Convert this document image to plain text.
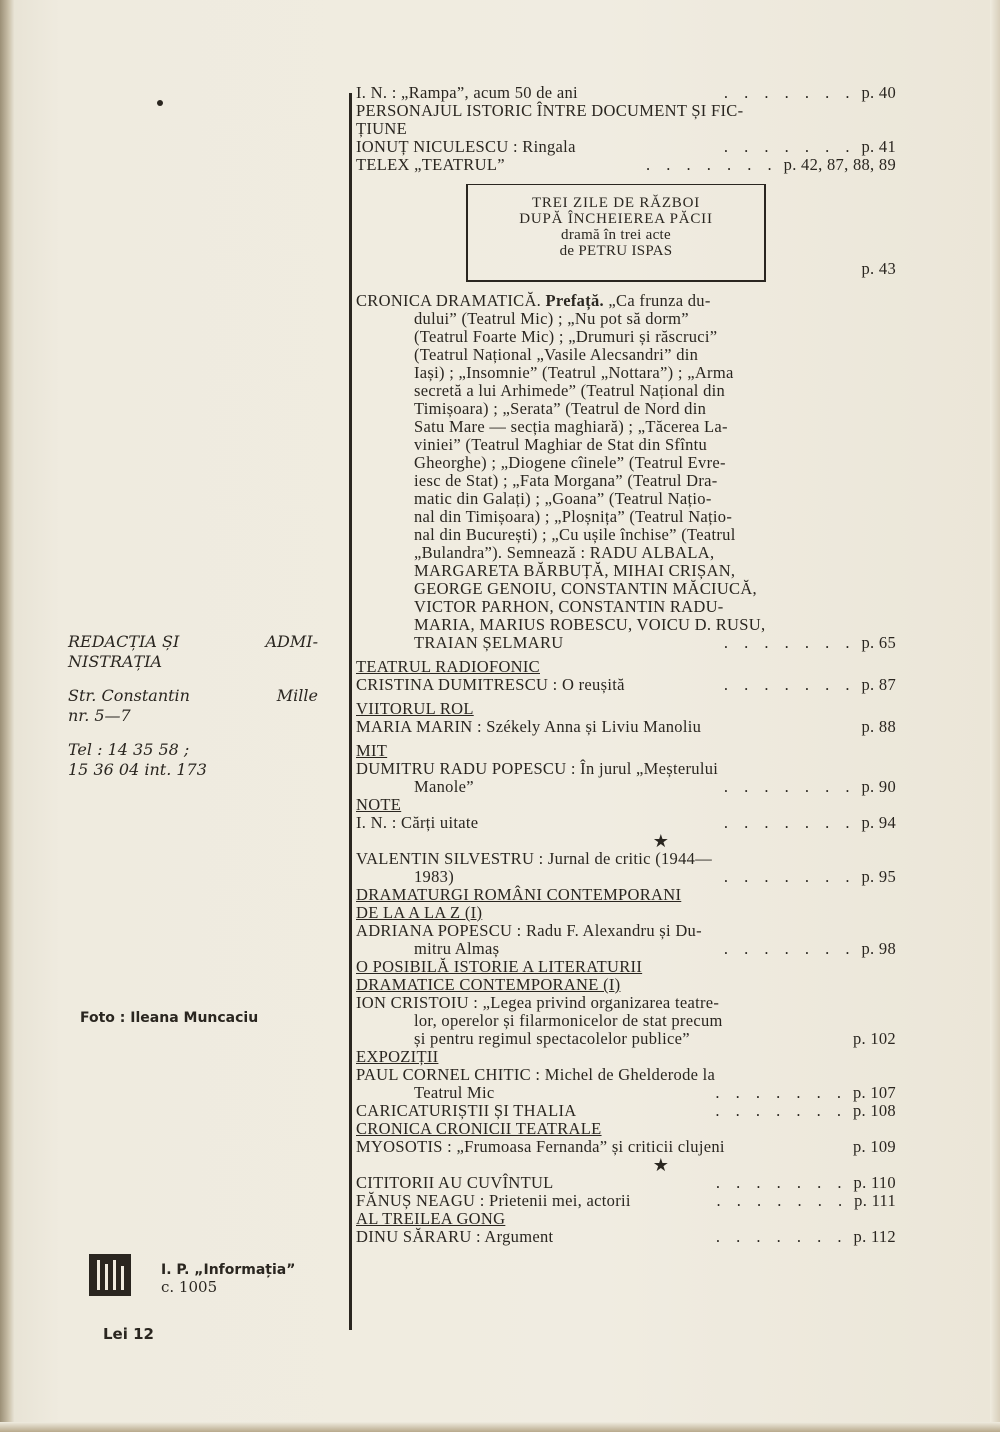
REDACȚIA ȘI	ADMI-
NISTRAȚIA
Str. Constantin	Mille
nr. 5—7
Tel : 14 35 58 ;
15 36 04 int. 173
Foto : Ileana Muncaciu
I. P. „Informația”
c. 1005
Lei 12
I. N. : „Rampa”, acum 50 de ani	. . . . . . . p. 40
PERSONAJUL ISTORIC ÎNTRE DOCUMENT ȘI FIC-
ȚIUNE
IONUȚ NICULESCU : Ringala	. . . . . . . p. 41
TELEX „TEATRUL”	. . . . . . . p. 42, 87, 88, 89
TREI ZILE DE RĂZBOI
DUPĂ ÎNCHEIEREA PĂCII
dramă în trei acte
de PETRU ISPAS
p. 43
CRONICA DRAMATICĂ. Prefață. „Ca frunza du-
dului” (Teatrul Mic) ; „Nu pot să dorm”
(Teatrul Foarte Mic) ; „Drumuri și răscruci”
(Teatrul Național „Vasile Alecsandri” din
Iași) ; „Insomnie” (Teatrul „Nottara”) ; „Arma
secretă a lui Arhimede” (Teatrul Național din
Timișoara) ; „Serata” (Teatrul de Nord din
Satu Mare — secția maghiară) ; „Tăcerea La-
viniei” (Teatrul Maghiar de Stat din Sfîntu
Gheorghe) ; „Diogene cîinele” (Teatrul Evre-
iesc de Stat) ; „Fata Morgana” (Teatrul Dra-
matic din Galați) ; „Goana” (Teatrul Națio-
nal din Timișoara) ; „Ploșnița” (Teatrul Națio-
nal din București) ; „Cu ușile închise” (Teatrul
„Bulandra”). Semnează : RADU ALBALA,
MARGARETA BĂRBUȚĂ, MIHAI CRIȘAN,
GEORGE GENOIU, CONSTANTIN MĂCIUCĂ,
VICTOR PARHON, CONSTANTIN RADU-
MARIA, MARIUS ROBESCU, VOICU D. RUSU,
TRAIAN ȘELMARU	. . . . . . . p. 65
TEATRUL RADIOFONIC
CRISTINA DUMITRESCU : O reușită	. . . . . . . p. 87
VIITORUL ROL
MARIA MARIN : Székely Anna și Liviu Manoliu	p. 88
MIT
DUMITRU RADU POPESCU : În jurul „Meșterului
Manole”	. . . . . . . p. 90
NOTE
I. N. : Cărți uitate	. . . . . . . p. 94
★
VALENTIN SILVESTRU : Jurnal de critic (1944—
1983)	. . . . . . . p. 95
DRAMATURGI ROMÂNI CONTEMPORANI
DE LA A LA Z (I)
ADRIANA POPESCU : Radu F. Alexandru și Du-
mitru Almaș	. . . . . . . p. 98
O POSIBILĂ ISTORIE A LITERATURII
DRAMATICE CONTEMPORANE (I)
ION CRISTOIU : „Legea privind organizarea teatre-
lor, operelor și filarmonicelor de stat precum
și pentru regimul spectacolelor publice”	p. 102
EXPOZIȚII
PAUL CORNEL CHITIC : Michel de Ghelderode la
Teatrul Mic	. . . . . . . p. 107
CARICATURIȘTII ȘI THALIA	. . . . . . . p. 108
CRONICA CRONICII TEATRALE
MYOSOTIS : „Frumoasa Fernanda” și criticii clujeni	p. 109
★
CITITORII AU CUVÎNTUL	. . . . . . . p. 110
FĂNUȘ NEAGU : Prietenii mei, actorii	. . . . . . . p. 111
AL TREILEA GONG
DINU SĂRARU : Argument	. . . . . . . p. 112
